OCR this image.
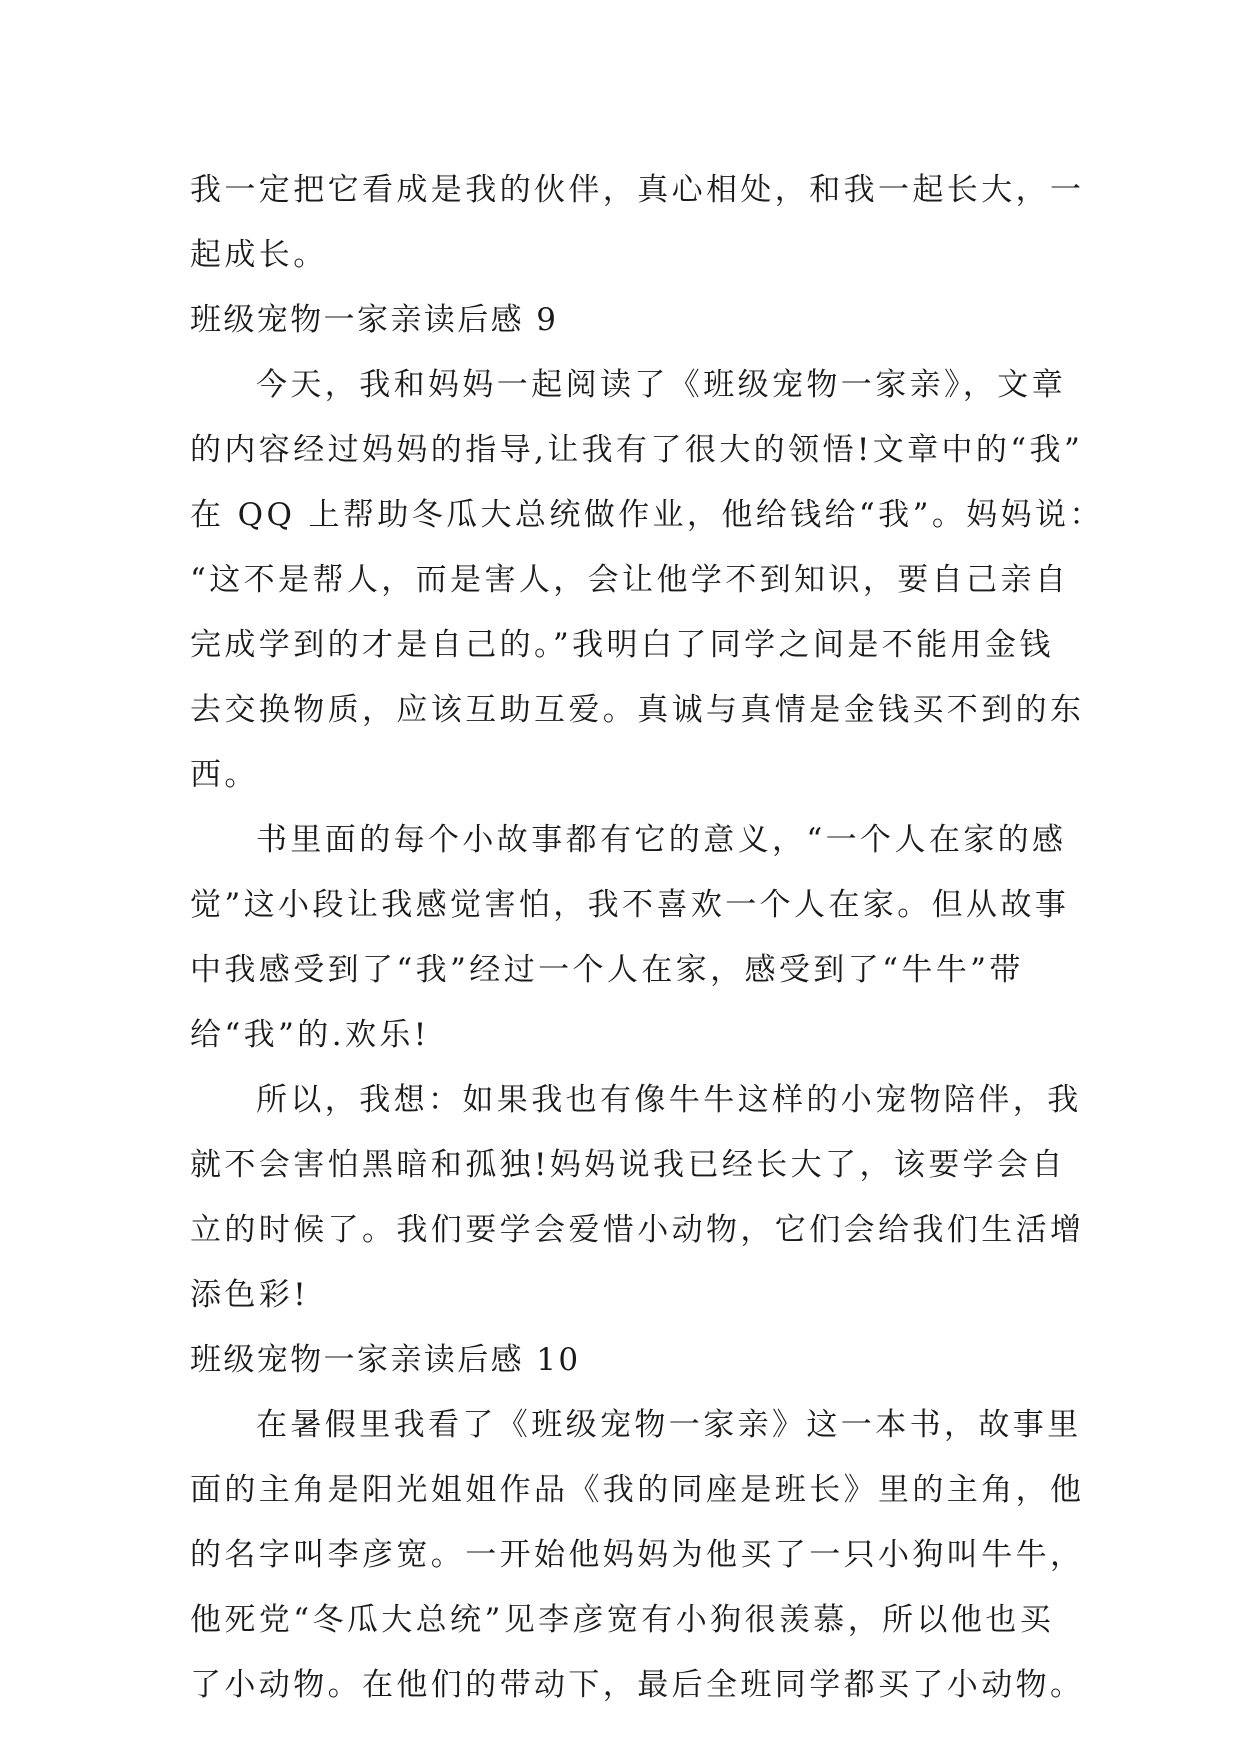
我一定把它看成是我的伙伴，真心相处，和我一起长大，一
起成长。
班级宠物一家亲读后感 9
今天，我和妈妈一起阅读了《班级宠物一家亲》，文章
的内容经过妈妈的指导,让我有了很大的领悟!文章中的“我”
在 QQ 上帮助冬瓜大总统做作业，他给钱给“我”。妈妈说：
“这不是帮人，而是害人，会让他学不到知识，要自己亲自
完成学到的才是自己的。”我明白了同学之间是不能用金钱
去交换物质，应该互助互爱。真诚与真情是金钱买不到的东
西。
书里面的每个小故事都有它的意义，“一个人在家的感
觉”这小段让我感觉害怕，我不喜欢一个人在家。但从故事
中我感受到了“我”经过一个人在家，感受到了“牛牛”带
给“我”的.欢乐!
所以，我想：如果我也有像牛牛这样的小宠物陪伴，我
就不会害怕黑暗和孤独!妈妈说我已经长大了，该要学会自
立的时候了。我们要学会爱惜小动物，它们会给我们生活增
添色彩!
班级宠物一家亲读后感 10
在暑假里我看了《班级宠物一家亲》这一本书，故事里
面的主角是阳光姐姐作品《我的同座是班长》里的主角，他
的名字叫李彦宽。一开始他妈妈为他买了一只小狗叫牛牛，
他死党“冬瓜大总统”见李彦宽有小狗很羡慕，所以他也买
了小动物。在他们的带动下，最后全班同学都买了小动物。
